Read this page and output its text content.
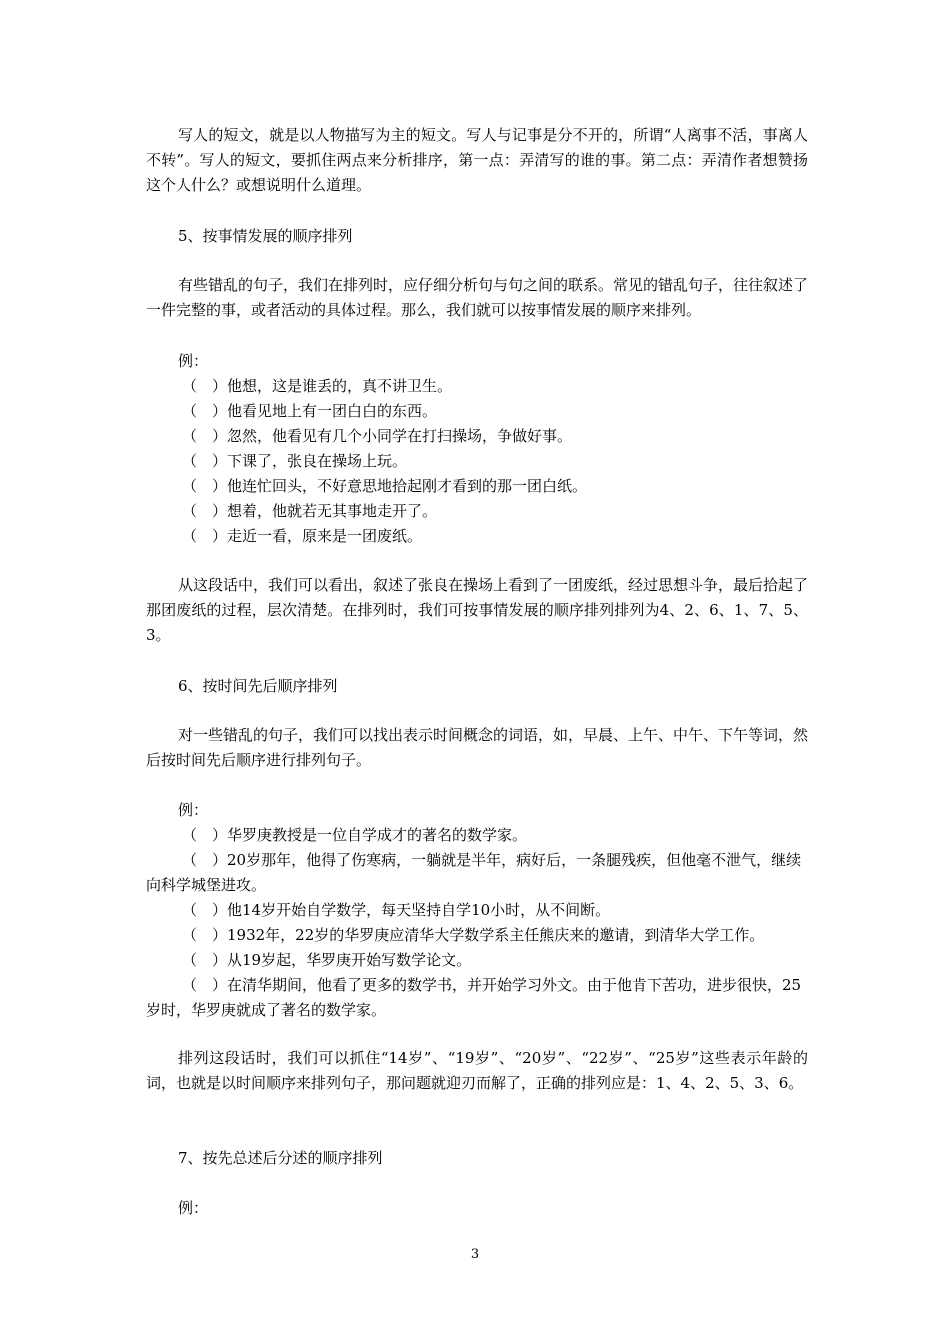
写人的短文，就是以人物描写为主的短文。写人与记事是分不开的，所谓“人离事不活，事离人不转”。写人的短文，要抓住两点来分析排序，第一点：弄清写的谁的事。第二点：弄清作者想赞扬这个人什么？或想说明什么道理。

5、按事情发展的顺序排列

有些错乱的句子，我们在排列时，应仔细分析句与句之间的联系。常见的错乱句子，往往叙述了一件完整的事，或者活动的具体过程。那么，我们就可以按事情发展的顺序来排列。

例：

（　）他想，这是谁丢的，真不讲卫生。

（　）他看见地上有一团白白的东西。

（　）忽然，他看见有几个小同学在打扫操场，争做好事。

（　）下课了，张良在操场上玩。

（　）他连忙回头，不好意思地拾起刚才看到的那一团白纸。

（　）想着，他就若无其事地走开了。

（　）走近一看，原来是一团废纸。

从这段话中，我们可以看出，叙述了张良在操场上看到了一团废纸，经过思想斗争，最后拾起了那团废纸的过程，层次清楚。在排列时，我们可按事情发展的顺序排列排列为4、2、6、1、7、5、3。

6、按时间先后顺序排列

对一些错乱的句子，我们可以找出表示时间概念的词语，如，早晨、上午、中午、下午等词，然后按时间先后顺序进行排列句子。

例：

（　）华罗庚教授是一位自学成才的著名的数学家。

（　）20岁那年，他得了伤寒病，一躺就是半年，病好后，一条腿残疾，但他毫不泄气，继续向科学城堡进攻。

（　）他14岁开始自学数学，每天坚持自学10小时，从不间断。

（　）1932年，22岁的华罗庚应清华大学数学系主任熊庆来的邀请，到清华大学工作。

（　）从19岁起，华罗庚开始写数学论文。

（　）在清华期间，他看了更多的数学书，并开始学习外文。由于他肯下苦功，进步很快，25岁时，华罗庚就成了著名的数学家。

排列这段话时，我们可以抓住“14岁”、“19岁”、“20岁”、“22岁”、“25岁”这些表示年龄的词，也就是以时间顺序来排列句子，那问题就迎刃而解了，正确的排列应是：1、4、2、5、3、6。

7、按先总述后分述的顺序排列

例：

3
